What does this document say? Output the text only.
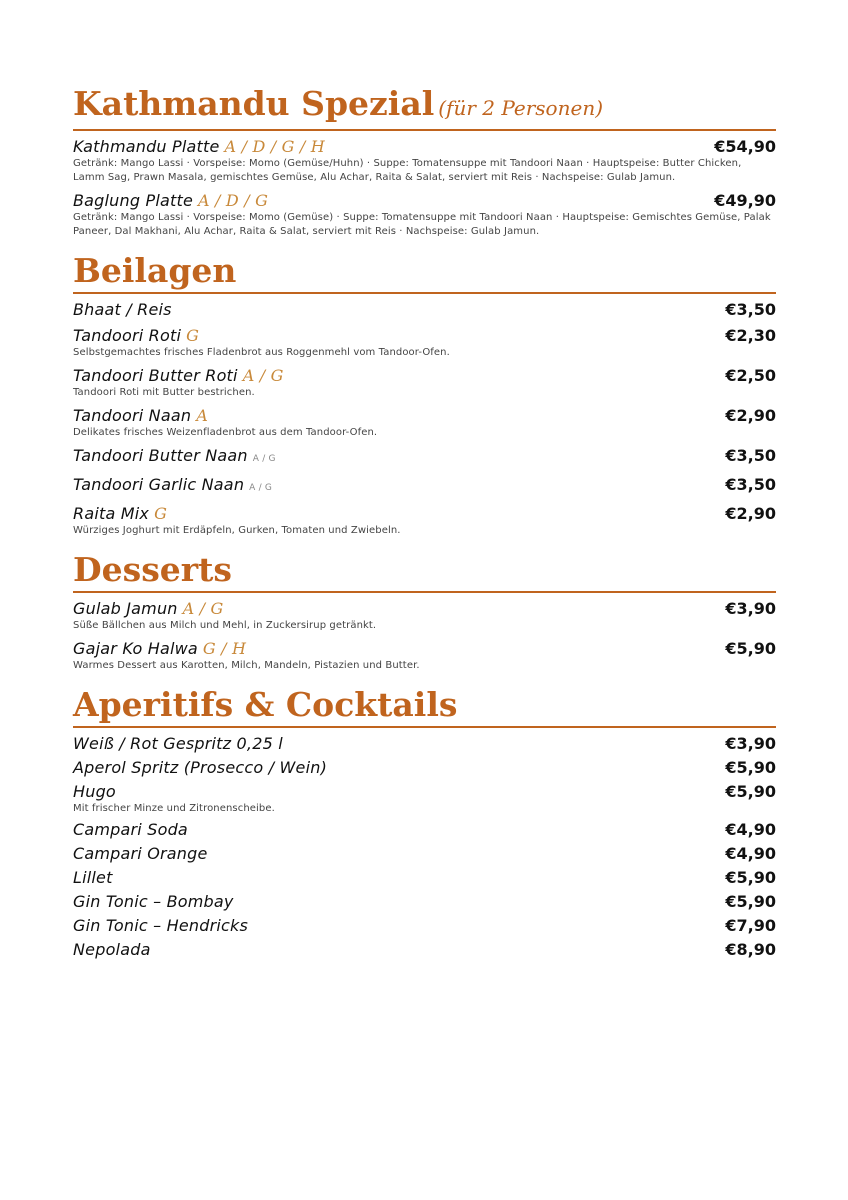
Kathmandu Spezial (für 2 Personen)
Kathmandu Platte A / D / G / H	€54,90
Getränk: Mango Lassi · Vorspeise: Momo (Gemüse/Huhn) · Suppe: Tomatensuppe mit Tandoori Naan · Hauptspeise: Butter Chicken, Lamm Sag, Prawn Masala, gemischtes Gemüse, Alu Achar, Raita & Salat, serviert mit Reis · Nachspeise: Gulab Jamun.
Baglung Platte A / D / G	€49,90
Getränk: Mango Lassi · Vorspeise: Momo (Gemüse) · Suppe: Tomatensuppe mit Tandoori Naan · Hauptspeise: Gemischtes Gemüse, Palak Paneer, Dal Makhani, Alu Achar, Raita & Salat, serviert mit Reis · Nachspeise: Gulab Jamun.
Beilagen
Bhaat / Reis	€3,50
Tandoori Roti G	€2,30
Selbstgemachtes frisches Fladenbrot aus Roggenmehl vom Tandoor-Ofen.
Tandoori Butter Roti A / G	€2,50
Tandoori Roti mit Butter bestrichen.
Tandoori Naan A	€2,90
Delikates frisches Weizenfladenbrot aus dem Tandoor-Ofen.
Tandoori Butter Naan A / G	€3,50
Tandoori Garlic Naan A / G	€3,50
Raita Mix G	€2,90
Würziges Joghurt mit Erdäpfeln, Gurken, Tomaten und Zwiebeln.
Desserts
Gulab Jamun A / G	€3,90
Süße Bällchen aus Milch und Mehl, in Zuckersirup getränkt.
Gajar Ko Halwa G / H	€5,90
Warmes Dessert aus Karotten, Milch, Mandeln, Pistazien und Butter.
Aperitifs & Cocktails
Weiß / Rot Gespritz 0,25 l	€3,90
Aperol Spritz (Prosecco / Wein)	€5,90
Hugo	€5,90
Mit frischer Minze und Zitronenscheibe.
Campari Soda	€4,90
Campari Orange	€4,90
Lillet	€5,90
Gin Tonic – Bombay	€5,90
Gin Tonic – Hendricks	€7,90
Nepolada	€8,90
